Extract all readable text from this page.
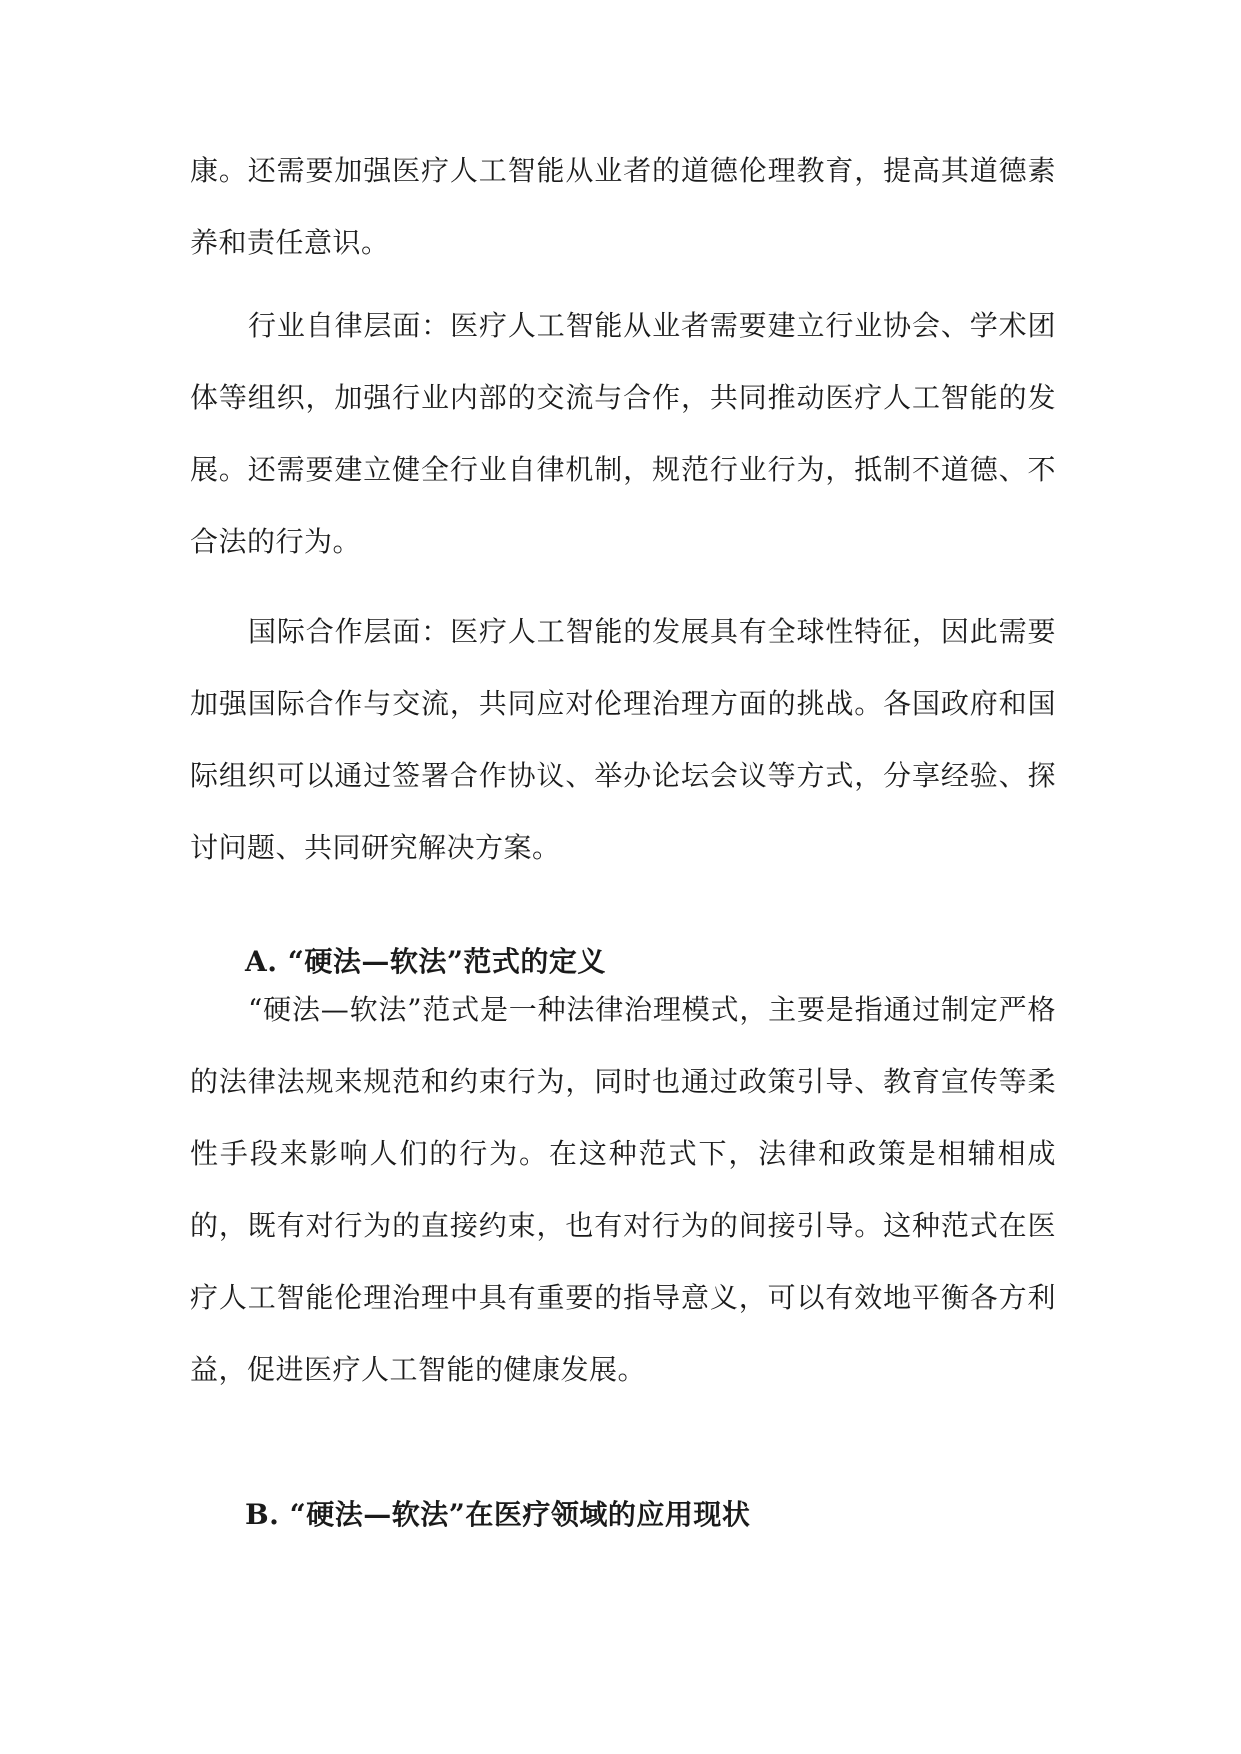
康。还需要加强医疗人工智能从业者的道德伦理教育，提高其道德素养和责任意识。

行业自律层面：医疗人工智能从业者需要建立行业协会、学术团体等组织，加强行业内部的交流与合作，共同推动医疗人工智能的发展。还需要建立健全行业自律机制，规范行业行为，抵制不道德、不合法的行为。

国际合作层面：医疗人工智能的发展具有全球性特征，因此需要加强国际合作与交流，共同应对伦理治理方面的挑战。各国政府和国际组织可以通过签署合作协议、举办论坛会议等方式，分享经验、探讨问题、共同研究解决方案。

A. “硬法—软法”范式的定义

“硬法—软法”范式是一种法律治理模式，主要是指通过制定严格的法律法规来规范和约束行为，同时也通过政策引导、教育宣传等柔性手段来影响人们的行为。在这种范式下，法律和政策是相辅相成的，既有对行为的直接约束，也有对行为的间接引导。这种范式在医疗人工智能伦理治理中具有重要的指导意义，可以有效地平衡各方利益，促进医疗人工智能的健康发展。

B. “硬法—软法”在医疗领域的应用现状
